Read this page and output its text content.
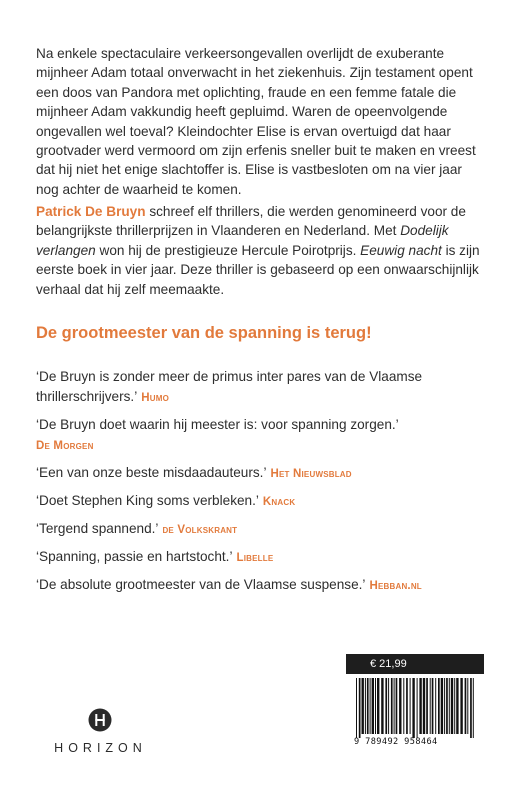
Na enkele spectaculaire verkeersongevallen overlijdt de exuberante mijnheer Adam totaal onverwacht in het ziekenhuis. Zijn testament opent een doos van Pandora met oplichting, fraude en een femme fatale die mijnheer Adam vakkundig heeft gepluimd. Waren de opeenvolgende ongevallen wel toeval? Kleindochter Elise is ervan overtuigd dat haar grootvader werd vermoord om zijn erfenis sneller buit te maken en vreest dat hij niet het enige slachtoffer is. Elise is vastbesloten om na vier jaar nog achter de waarheid te komen.

Patrick De Bruyn schreef elf thrillers, die werden genomineerd voor de belangrijkste thrillerprijzen in Vlaanderen en Nederland. Met Dodelijk verlangen won hij de prestigieuze Hercule Poirotprijs. Eeuwig nacht is zijn eerste boek in vier jaar. Deze thriller is gebaseerd op een onwaarschijnlijk verhaal dat hij zelf meemaakte.

De grootmeester van de spanning is terug!
‘De Bruyn is zonder meer de primus inter pares van de Vlaamse thrillerschrijvers.’ Humo
‘De Bruyn doet waarin hij meester is: voor spanning zorgen.’
De Morgen
‘Een van onze beste misdaadauteurs.’ Het Nieuwsblad
‘Doet Stephen King soms verbleken.’ Knack
‘Tergend spannend.’ de Volkskrant
‘Spanning, passie en hartstocht.’ Libelle
‘De absolute grootmeester van de Vlaamse suspense.’ Hebban.nl
HORIZON
€ 21,99
9 789492 958464
